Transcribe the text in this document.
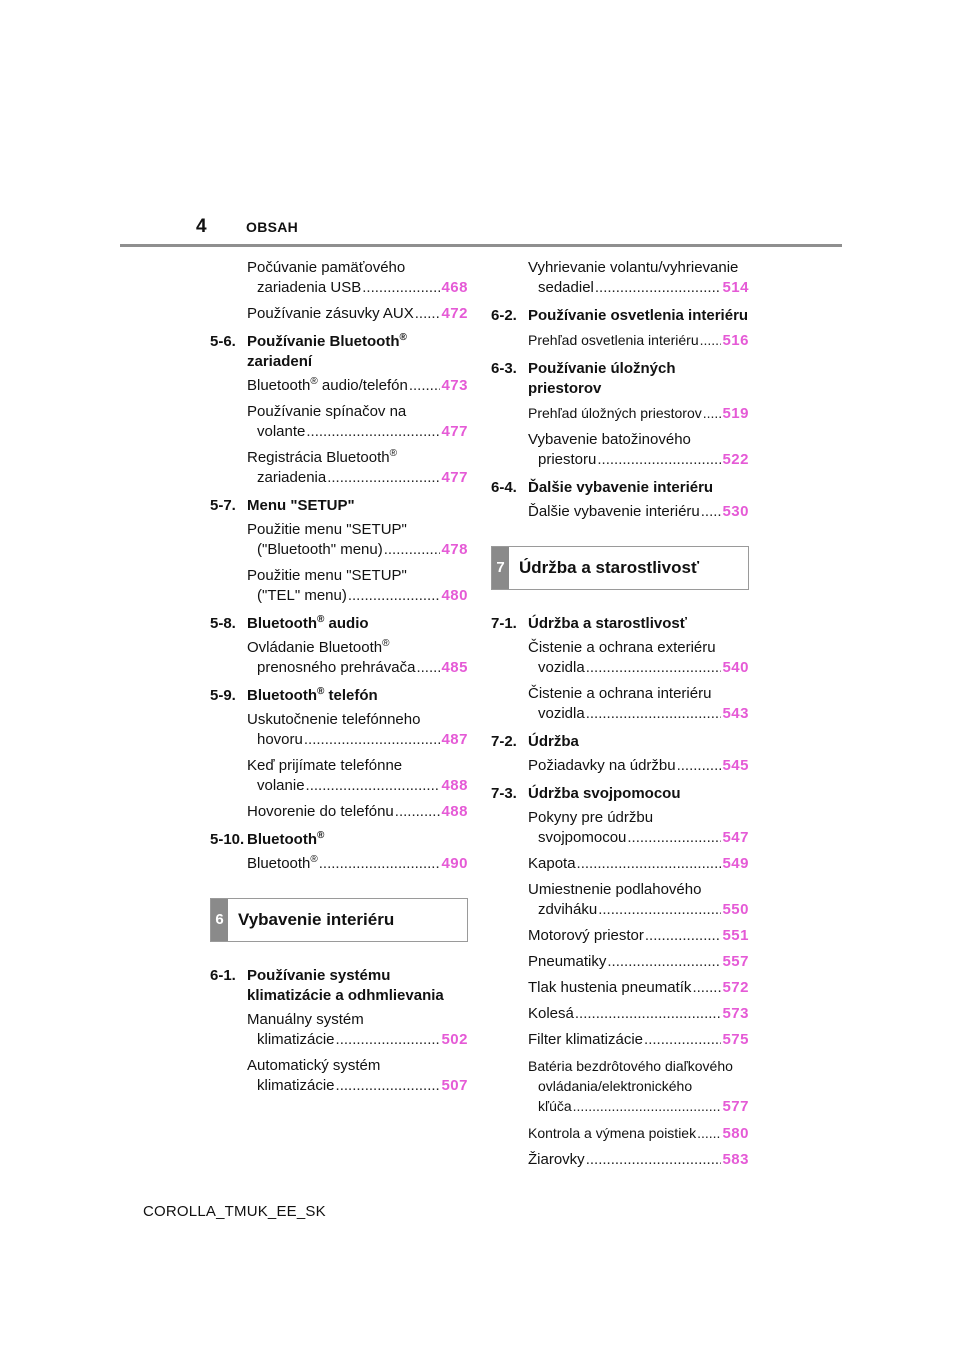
4	OBSAH
Počúvanie pamäťového
zariadenia USB .....	468
Používanie zásuvky AUX ..... 472
5-6. Používanie Bluetooth® zariadení
Bluetooth® audio/telefón ..... 473
Používanie spínačov na
volante .....	477
Registrácia Bluetooth®
zariadenia .....	477
5-7. Menu "SETUP"
Použitie menu "SETUP"
("Bluetooth" menu) .....	478
Použitie menu "SETUP"
("TEL" menu) .....	480
5-8. Bluetooth® audio
Ovládanie Bluetooth®
prenosného prehrávača ..... 485
5-9. Bluetooth® telefón
Uskutočnenie telefónneho
hovoru .....	487
Keď prijímate telefónne
volanie .....	488
Hovorenie do telefónu .....	488
5-10. Bluetooth®
Bluetooth® .....	490
6 Vybavenie interiéru
6-1. Používanie systému klimatizácie a odhmlievania
Manuálny systém
klimatizácie .....	502
Automatický systém
klimatizácie .....	507
Vyhrievanie volantu/vyhrievanie
sedadiel .....	514
6-2. Používanie osvetlenia interiéru
Prehľad osvetlenia interiéru ..... 516
6-3. Používanie úložných priestorov
Prehľad úložných priestorov ..... 519
Vybavenie batožinového
priestoru .....	522
6-4. Ďalšie vybavenie interiéru
Ďalšie vybavenie interiéru ..... 530
7 Údržba a starostlivosť
7-1. Údržba a starostlivosť
Čistenie a ochrana exteriéru
vozidla .....	540
Čistenie a ochrana interiéru
vozidla .....	543
7-2. Údržba
Požiadavky na údržbu .....	545
7-3. Údržba svojpomocou
Pokyny pre údržbu
svojpomocou .....	547
Kapota .....	549
Umiestnenie podlahového
zdviháku .....	550
Motorový priestor .....	551
Pneumatiky .....	557
Tlak hustenia pneumatík ..... 572
Kolesá .....	573
Filter klimatizácie .....	575
Batéria bezdrôtového diaľkového
ovládania/elektronického
kľúča .....	577
Kontrola a výmena poistiek ..... 580
Žiarovky .....	583
COROLLA_TMUK_EE_SK
